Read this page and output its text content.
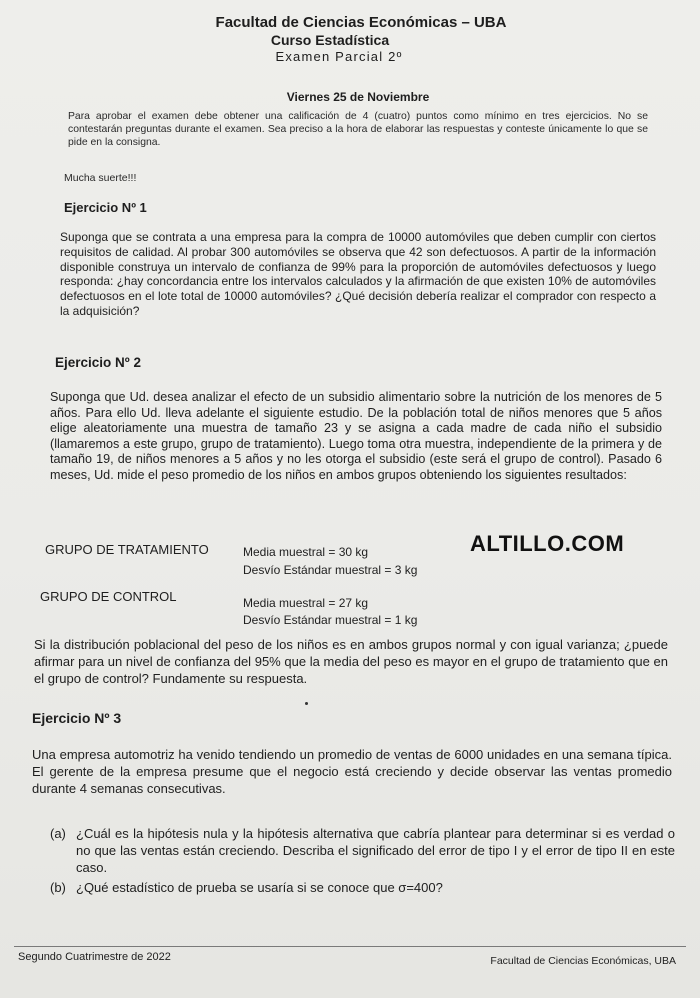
Facultad de Ciencias Económicas – UBA
Curso Estadística
Examen Parcial 2º
Viernes 25 de Noviembre
Para aprobar el examen debe obtener una calificación de 4 (cuatro) puntos como mínimo en tres ejercicios. No se contestarán preguntas durante el examen. Sea preciso a la hora de elaborar las respuestas y conteste únicamente lo que se pide en la consigna.
Mucha suerte!!!
Ejercicio Nº 1
Suponga que se contrata a una empresa para la compra de 10000 automóviles que deben cumplir con ciertos requisitos de calidad. Al probar 300 automóviles se observa que 42 son defectuosos. A partir de la información disponible construya un intervalo de confianza de 99% para la proporción de automóviles defectuosos y luego responda: ¿hay concordancia entre los intervalos calculados y la afirmación de que existen 10% de automóviles defectuosos en el lote total de 10000 automóviles? ¿Qué decisión debería realizar el comprador con respecto a la adquisición?
Ejercicio Nº 2
Suponga que Ud. desea analizar el efecto de un subsidio alimentario sobre la nutrición de los menores de 5 años. Para ello Ud. lleva adelante el siguiente estudio. De la población total de niños menores que 5 años elige aleatoriamente una muestra de tamaño 23 y se asigna a cada madre de cada niño el subsidio (llamaremos a este grupo, grupo de tratamiento). Luego toma otra muestra, independiente de la primera y de tamaño 19, de niños menores a 5 años y no les otorga el subsidio (este será el grupo de control). Pasado 6 meses, Ud. mide el peso promedio de los niños en ambos grupos obteniendo los siguientes resultados:
GRUPO DE TRATAMIENTO	Media muestral = 30 kg
Desvío Estándar muestral = 3 kg
GRUPO DE CONTROL	Media muestral = 27 kg
Desvío Estándar muestral = 1 kg
ALTILLO.COM
Si la distribución poblacional del peso de los niños es en ambos grupos normal y con igual varianza; ¿puede afirmar para un nivel de confianza del 95% que la media del peso es mayor en el grupo de tratamiento que en el grupo de control? Fundamente su respuesta.
Ejercicio Nº 3
Una empresa automotriz ha venido tendiendo un promedio de ventas de 6000 unidades en una semana típica. El gerente de la empresa presume que el negocio está creciendo y decide observar las ventas promedio durante 4 semanas consecutivas.
(a) ¿Cuál es la hipótesis nula y la hipótesis alternativa que cabría plantear para determinar si es verdad o no que las ventas están creciendo. Describa el significado del error de tipo I y el error de tipo II en este caso.
(b) ¿Qué estadístico de prueba se usaría si se conoce que σ=400?
Segundo Cuatrimestre de 2022	Facultad de Ciencias Económicas, UBA
